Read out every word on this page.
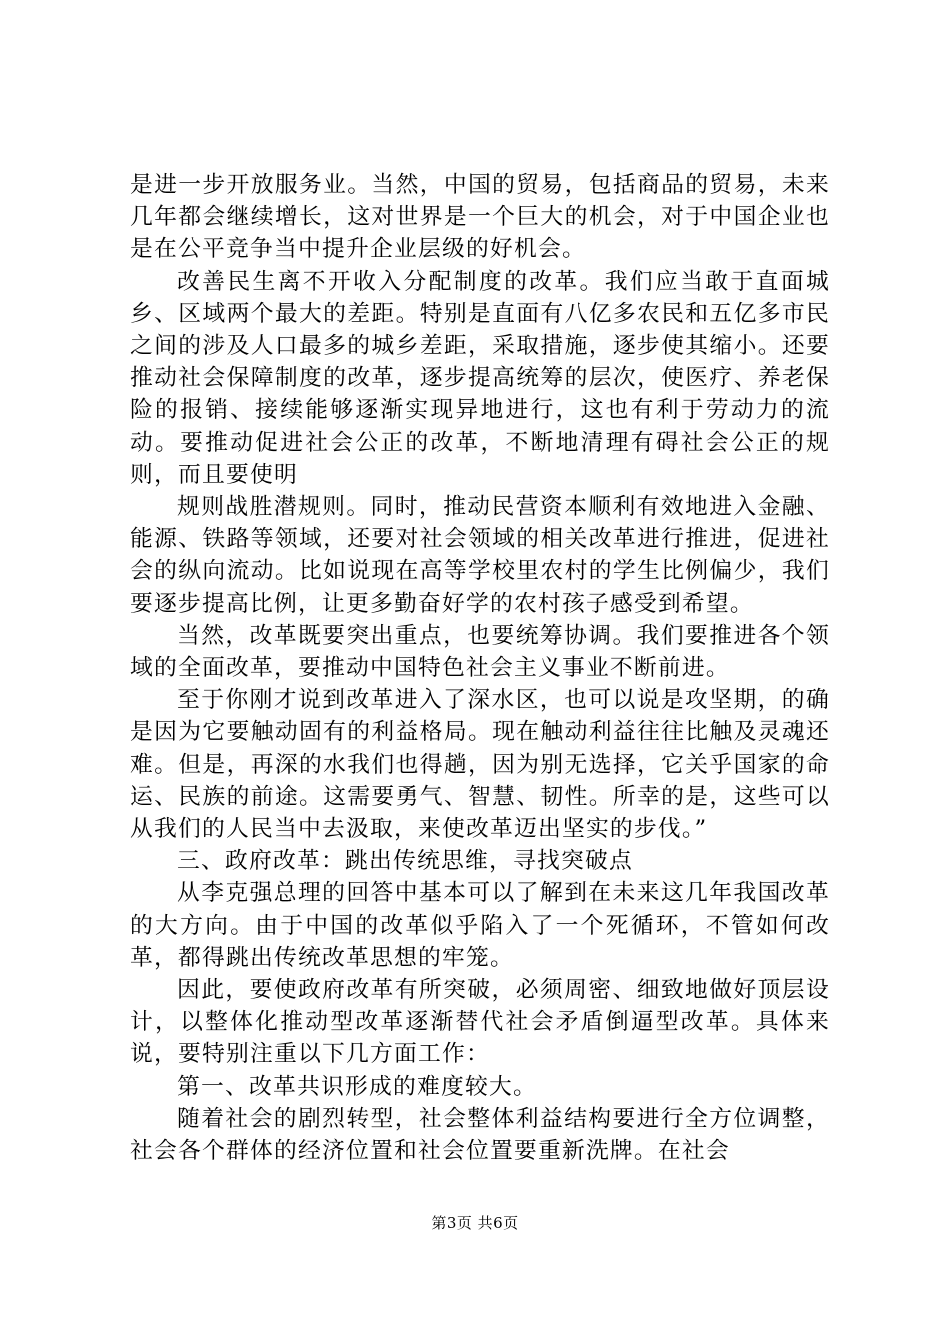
是进一步开放服务业。当然，中国的贸易，包括商品的贸易，未来几年都会继续增长，这对世界是一个巨大的机会，对于中国企业也是在公平竞争当中提升企业层级的好机会。

改善民生离不开收入分配制度的改革。我们应当敢于直面城乡、区域两个最大的差距。特别是直面有八亿多农民和五亿多市民之间的涉及人口最多的城乡差距，采取措施，逐步使其缩小。还要推动社会保障制度的改革，逐步提高统筹的层次，使医疗、养老保险的报销、接续能够逐渐实现异地进行，这也有利于劳动力的流动。要推动促进社会公正的改革，不断地清理有碍社会公正的规则，而且要使明

规则战胜潜规则。同时，推动民营资本顺利有效地进入金融、能源、铁路等领域，还要对社会领域的相关改革进行推进，促进社会的纵向流动。比如说现在高等学校里农村的学生比例偏少，我们要逐步提高比例，让更多勤奋好学的农村孩子感受到希望。

当然，改革既要突出重点，也要统筹协调。我们要推进各个领域的全面改革，要推动中国特色社会主义事业不断前进。

至于你刚才说到改革进入了深水区，也可以说是攻坚期，的确是因为它要触动固有的利益格局。现在触动利益往往比触及灵魂还难。但是，再深的水我们也得趟，因为别无选择，它关乎国家的命运、民族的前途。这需要勇气、智慧、韧性。所幸的是，这些可以从我们的人民当中去汲取，来使改革迈出坚实的步伐。”

三、政府改革：跳出传统思维，寻找突破点

从李克强总理的回答中基本可以了解到在未来这几年我国改革的大方向。由于中国的改革似乎陷入了一个死循环，不管如何改革，都得跳出传统改革思想的牢笼。

因此，要使政府改革有所突破，必须周密、细致地做好顶层设计，以整体化推动型改革逐渐替代社会矛盾倒逼型改革。具体来说，要特别注重以下几方面工作：

第一、改革共识形成的难度较大。

随着社会的剧烈转型，社会整体利益结构要进行全方位调整，社会各个群体的经济位置和社会位置要重新洗牌。在社会

第3页 共6页
